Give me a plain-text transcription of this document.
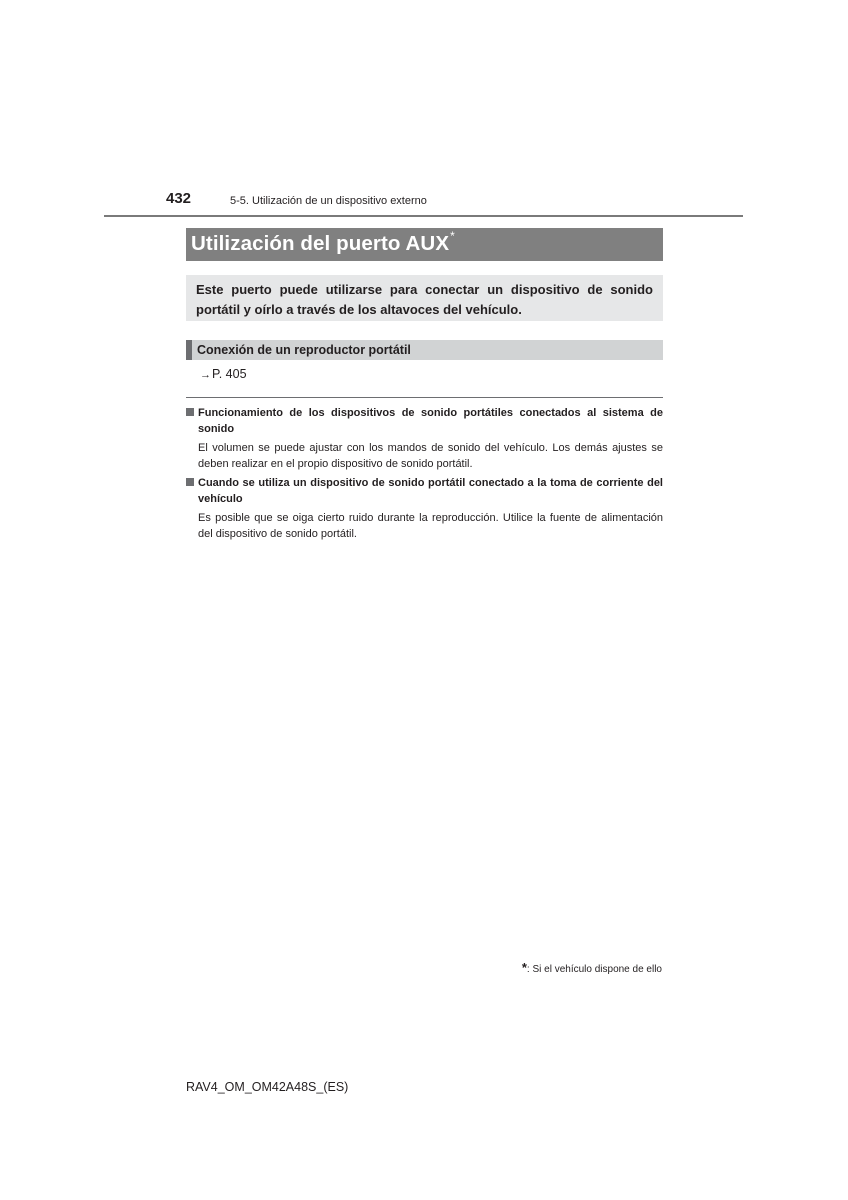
432	5-5. Utilización de un dispositivo externo
Utilización del puerto AUX*
Este puerto puede utilizarse para conectar un dispositivo de sonido portátil y oírlo a través de los altavoces del vehículo.
Conexión de un reproductor portátil
→P. 405
Funcionamiento de los dispositivos de sonido portátiles conectados al sistema de sonido
El volumen se puede ajustar con los mandos de sonido del vehículo. Los demás ajustes se deben realizar en el propio dispositivo de sonido portátil.
Cuando se utiliza un dispositivo de sonido portátil conectado a la toma de corriente del vehículo
Es posible que se oiga cierto ruido durante la reproducción. Utilice la fuente de alimentación del dispositivo de sonido portátil.
*: Si el vehículo dispone de ello
RAV4_OM_OM42A48S_(ES)
